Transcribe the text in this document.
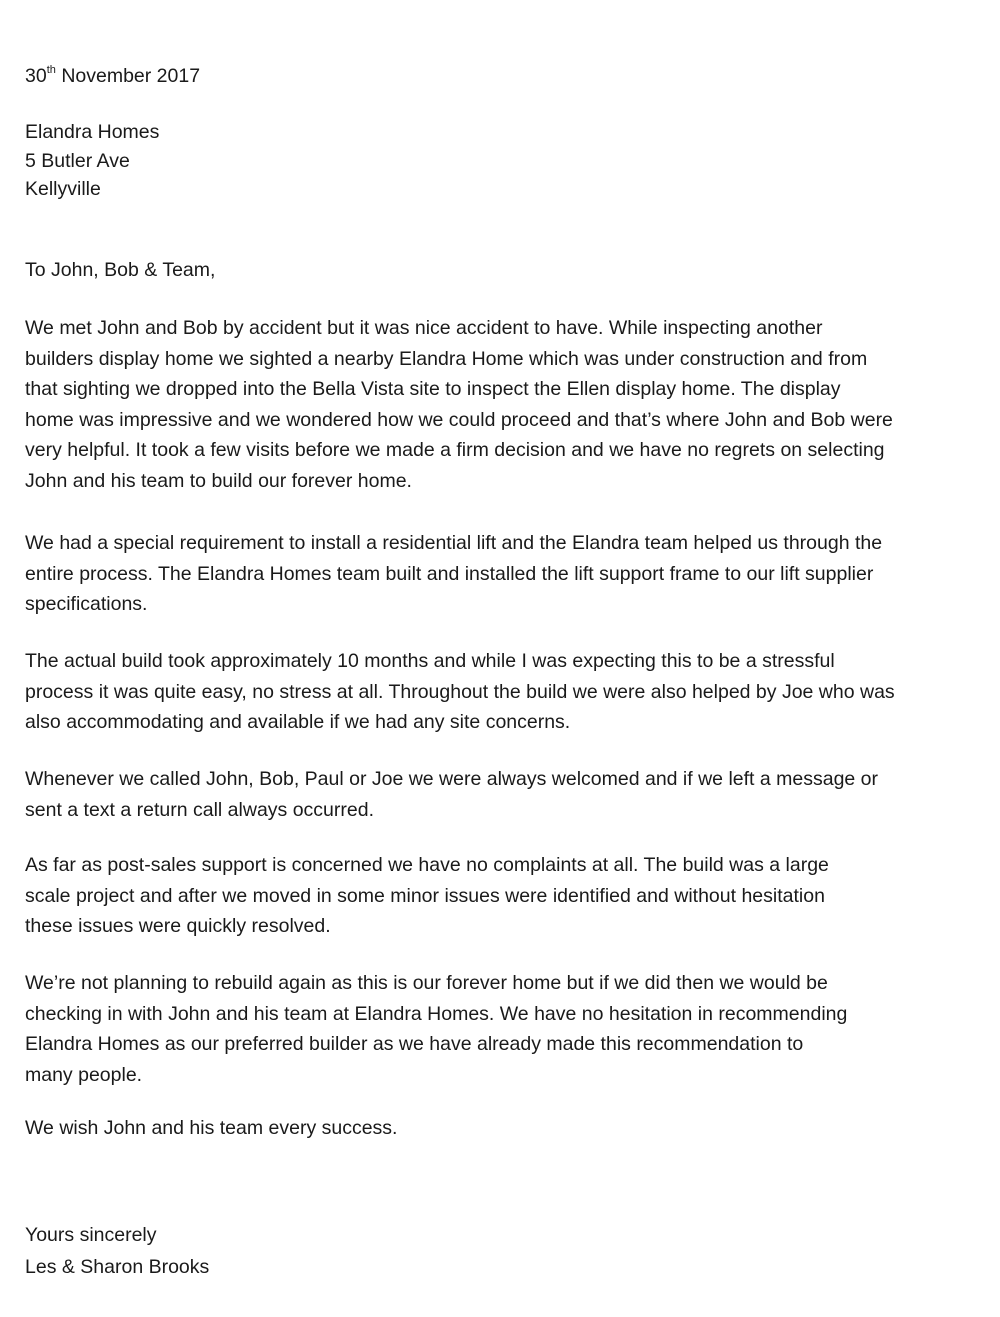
30th November 2017

Elandra Homes

5 Butler Ave

Kellyville

To John, Bob & Team,

We met John and Bob by accident but it was nice accident to have. While inspecting another
builders display home we sighted a nearby Elandra Home which was under construction and from
that sighting we dropped into the Bella Vista site to inspect the Ellen display home. The display
home was impressive and we wondered how we could proceed and that’s where John and Bob were
very helpful. It took a few visits before we made a firm decision and we have no regrets on selecting
John and his team to build our forever home.
We had a special requirement to install a residential lift and the Elandra team helped us through the
entire process. The Elandra Homes team built and installed the lift support frame to our lift supplier
specifications.
The actual build took approximately 10 months and while I was expecting this to be a stressful
process it was quite easy, no stress at all. Throughout the build we were also helped by Joe who was
also accommodating and available if we had any site concerns.
Whenever we called John, Bob, Paul or Joe we were always welcomed and if we left a message or
sent a text a return call always occurred.
As far as post-sales support is concerned we have no complaints at all. The build was a large
scale project and after we moved in some minor issues were identified and without hesitation
these issues were quickly resolved.
We’re not planning to rebuild again as this is our forever home but if we did then we would be
checking in with John and his team at Elandra Homes. We have no hesitation in recommending
Elandra Homes as our preferred builder as we have already made this recommendation to
many people.
We wish John and his team every success.

Yours sincerely

Les & Sharon Brooks
